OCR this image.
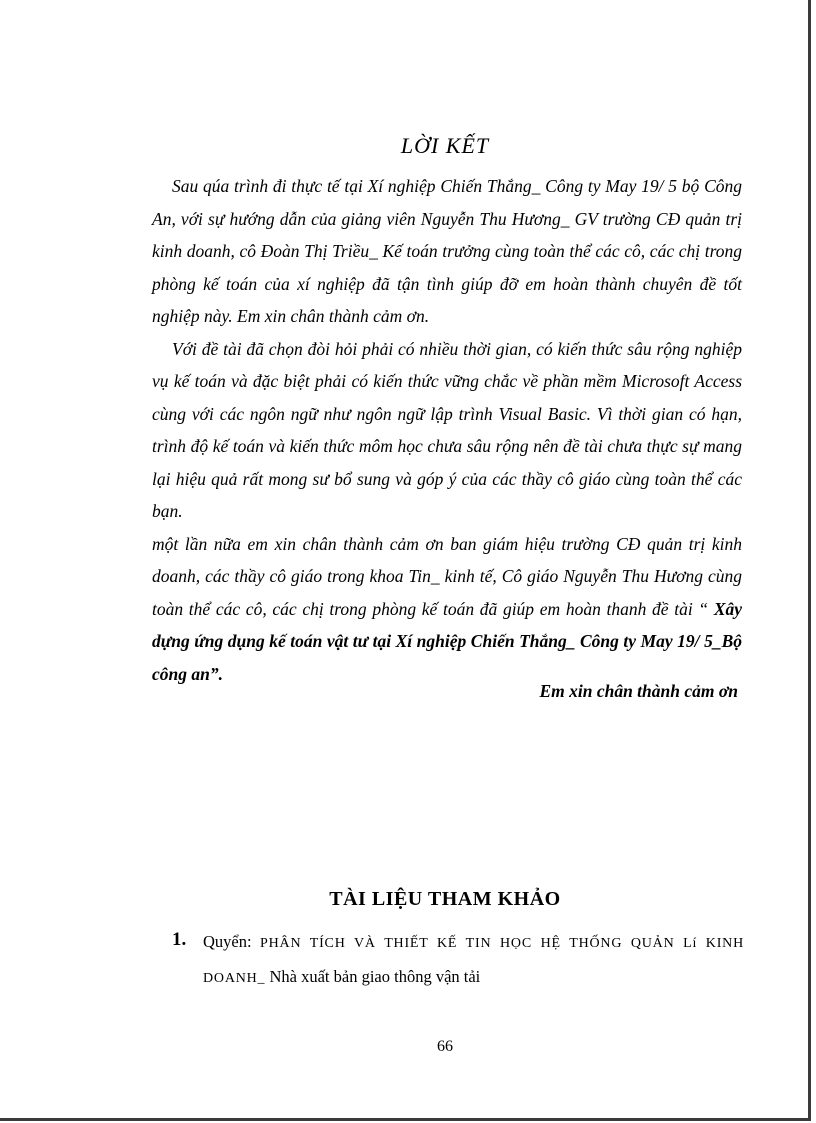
LỜI KẾT

Sau qúa trình đi thực tế tại Xí nghiệp Chiến Thắng_ Công ty May 19/ 5 bộ Công An, với sự hướng dẫn của giảng viên Nguyễn Thu Hương_ GV trường CĐ quản trị kinh doanh, cô Đoàn Thị Triều_ Kế toán trưởng cùng toàn thể các cô, các chị trong phòng kế toán của xí nghiệp đã tận tình giúp đỡ em hoàn thành chuyên đề tốt nghiệp này. Em xin chân thành cảm ơn.

Với đề tài đã chọn đòi hỏi phải có nhiều thời gian, có kiến thức sâu rộng nghiệp vụ kế toán và đặc biệt phải có kiến thức vững chắc về phần mềm Microsoft Access cùng với các ngôn ngữ như ngôn ngữ lập trình Visual Basic. Vì thời gian có hạn, trình độ kế toán và kiến thức môm học chưa sâu rộng nên đề tài chưa thực sự mang lại hiệu quả rất mong sư bổ sung và góp ý của các thầy cô giáo cùng toàn thể các bạn.

một lần nữa em xin chân thành cảm ơn ban giám hiệu trường CĐ quản trị kinh doanh, các thầy cô giáo trong khoa Tin_ kinh tế, Cô giáo Nguyễn Thu Hương cùng toàn thể các cô, các chị trong phòng kế toán đã giúp em hoàn thanh đề tài “ Xây dựng ứng dụng kế toán vật tư tại Xí nghiệp Chiến Thắng_ Công ty May 19/ 5_Bộ công an”.

Em xin chân thành cảm ơn
TÀI LIỆU THAM KHẢO
1. Quyển: PHÂN TÍCH VÀ THIẾT KẾ TIN HỌC HỆ THỐNG QUẢN Lí KINH DOANH_ Nhà xuất bản giao thông vận tải
66
